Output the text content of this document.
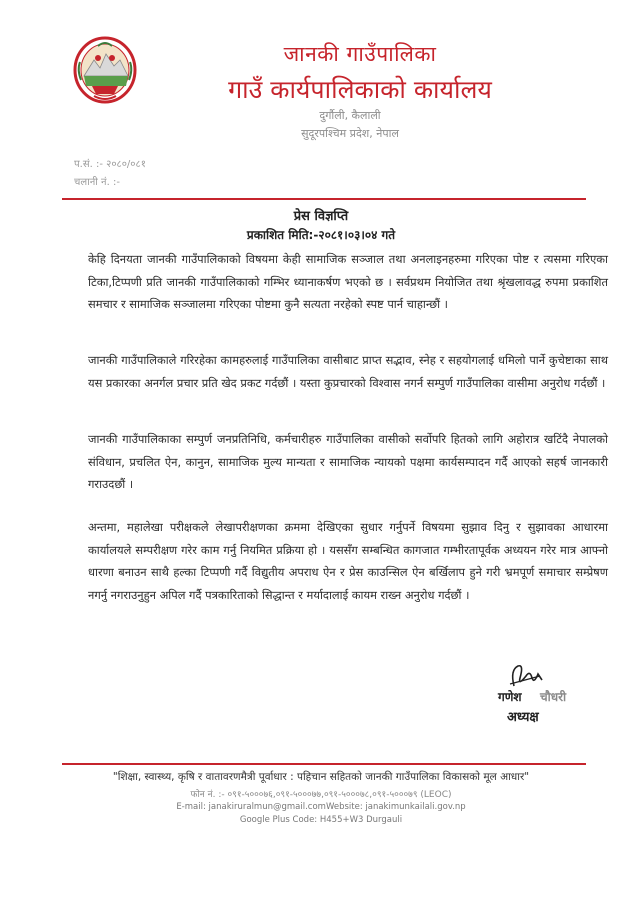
जानकी गाउँपालिका
गाउँ कार्यपालिकाको कार्यालय
दुर्गौली, कैलाली
सुदूरपश्चिम प्रदेश, नेपाल
प.सं. :- २०८०/०८१
चलानी नं. :-
प्रेस विज्ञप्ति
प्रकाशित मिति:-२०८१।०३।०४ गते

केहि दिनयता जानकी गाउँपालिकाको विषयमा केही सामाजिक सञ्जाल तथा अनलाइनहरुमा गरिएका पोष्ट र त्यसमा गरिएका टिका,टिप्पणी प्रति जानकी गाउँपालिकाको गम्भिर ध्यानाकर्षण भएको छ । सर्वप्रथम नियोजित तथा श्रृंखलावद्ध रुपमा प्रकाशित समचार र सामाजिक सञ्जालमा गरिएका पोष्टमा कुनै सत्यता नरहेको स्पष्ट पार्न चाहान्छौं ।

जानकी गाउँपालिकाले गरिरहेका कामहरुलाई गाउँपालिका वासीबाट प्राप्त सद्भाव, स्नेह र सहयोगलाई धमिलो पार्ने कुचेष्टाका साथ यस प्रकारका अनर्गल प्रचार प्रति खेद प्रकट गर्दछौं । यस्ता कुप्रचारको विश्वास नगर्न सम्पुर्ण गाउँपालिका वासीमा अनुरोध गर्दछौं ।

जानकी गाउँपालिकाका सम्पुर्ण जनप्रतिनिधि, कर्मचारीहरु गाउँपालिका वासीको सर्वोपरि हितको लागि अहोरात्र खटिंदै नेपालको संविधान, प्रचलित ऐन, कानुन, सामाजिक मुल्य मान्यता र सामाजिक न्यायको पक्षमा कार्यसम्पादन गर्दै आएको सहर्ष जानकारी गराउदछौं ।

अन्तमा, महालेखा परीक्षकले लेखापरीक्षणका क्रममा देखिएका सुधार गर्नुपर्ने विषयमा सुझाव दिनु र सुझावका आधारमा कार्यालयले सम्परीक्षण गरेर काम गर्नु नियमित प्रक्रिया हो । यससँग सम्बन्धित कागजात गम्भीरतापूर्वक अध्ययन गरेर मात्र आफ्नो धारणा बनाउन साथै हल्का टिप्पणी गर्दै विद्युतीय अपराध ऐन र प्रेस काउन्सिल ऐन बर्खिलाप हुने गरी भ्रमपूर्ण समाचार सम्प्रेषण नगर्नु नगराउनुहुन अपिल गर्दै पत्रकारिताको सिद्धान्त र मर्यादालाई कायम राख्न अनुरोध गर्दछौं ।

गणेश चौधरी
अध्यक्ष
"शिक्षा, स्वास्थ्य, कृषि र वातावरणमैत्री पूर्वाधार : पहिचान सहितको जानकी गाउँपालिका विकासको मूल आधार"
फोन नं. :- ०९१-५०००७६,०९१-५०००७७,०९१-५०००७८,०९१-५०००७९ (LEOC)
E-mail: janakiruralmun@gmail.comWebsite: janakimunkailali.gov.np
Google Plus Code: H455+W3 Durgauli
